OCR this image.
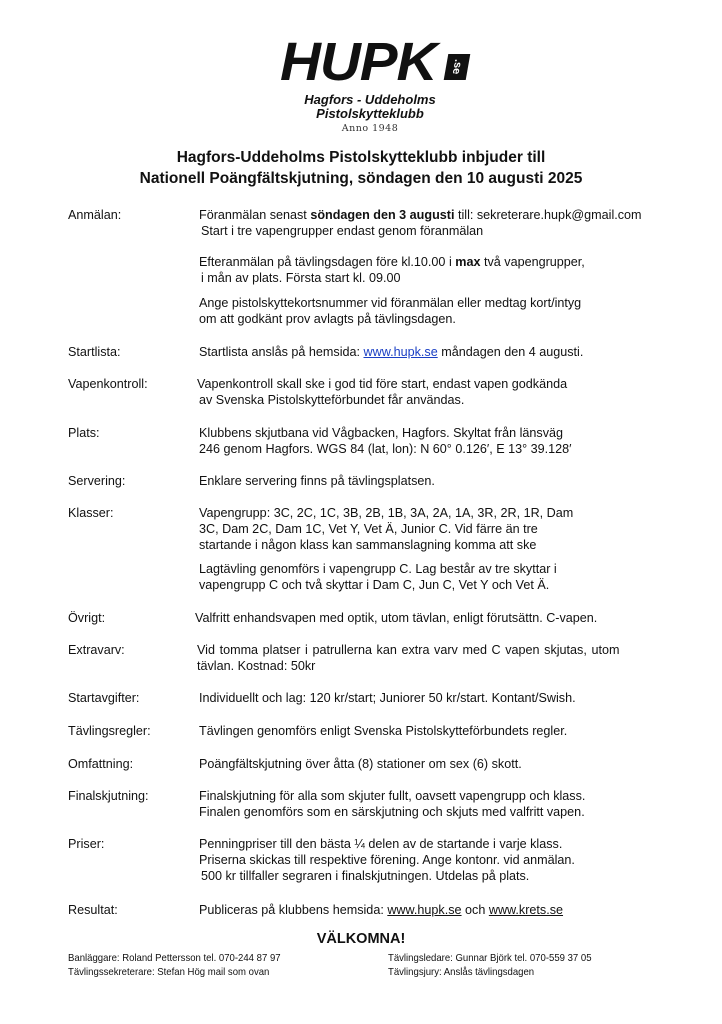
HUPK	.se
Hagfors - Uddeholms
Pistolskytteklubb
Anno 1948
Hagfors-Uddeholms Pistolskytteklubb inbjuder till
Nationell Poängfältskjutning, söndagen den 10 augusti 2025
Anmälan:	Föranmälan senast söndagen den 3 augusti till: sekreterare.hupk@gmail.com
Start i tre vapengrupper endast genom föranmälan
Efteranmälan på tävlingsdagen före kl.10.00 i max två vapengrupper,
i mån av plats. Första start kl. 09.00
Ange pistolskyttekortsnummer vid föranmälan eller medtag kort/intyg
om att godkänt prov avlagts på tävlingsdagen.
Startlista:	Startlista anslås på hemsida: www.hupk.se måndagen den 4 augusti.
Vapenkontroll:	Vapenkontroll skall ske i god tid före start, endast vapen godkända
av Svenska Pistolskytteförbundet får användas.
Plats:	Klubbens skjutbana vid Vågbacken, Hagfors. Skyltat från länsväg
246 genom Hagfors. WGS 84 (lat, lon): N 60° 0.126′, E 13° 39.128′
Servering:	Enklare servering finns på tävlingsplatsen.
Klasser:	Vapengrupp: 3C, 2C, 1C, 3B, 2B, 1B, 3A, 2A, 1A, 3R, 2R, 1R, Dam
3C, Dam 2C, Dam 1C, Vet Y, Vet Ä, Junior C. Vid färre än tre
startande i någon klass kan sammanslagning komma att ske
Lagtävling genomförs i vapengrupp C. Lag består av tre skyttar i
vapengrupp C och två skyttar i Dam C, Jun C, Vet Y och Vet Ä.
Övrigt:	Valfritt enhandsvapen med optik, utom tävlan, enligt förutsättn. C-vapen.
Extravarv:	Vid tomma platser i patrullerna kan extra varv med C vapen skjutas, utom
tävlan. Kostnad: 50kr
Startavgifter:	Individuellt och lag: 120 kr/start; Juniorer 50 kr/start. Kontant/Swish.
Tävlingsregler:	Tävlingen genomförs enligt Svenska Pistolskytteförbundets regler.
Omfattning:	Poängfältskjutning över åtta (8) stationer om sex (6) skott.
Finalskjutning:	Finalskjutning för alla som skjuter fullt, oavsett vapengrupp och klass.
Finalen genomförs som en särskjutning och skjuts med valfritt vapen.
Priser:	Penningpriser till den bästa ¼ delen av de startande i varje klass.
Priserna skickas till respektive förening. Ange kontonr. vid anmälan.
500 kr tillfaller segraren i finalskjutningen. Utdelas på plats.
Resultat:	Publiceras på klubbens hemsida: www.hupk.se och www.krets.se
VÄLKOMNA!
Banläggare: Roland Pettersson tel. 070-244 87 97	Tävlingsledare: Gunnar Björk tel. 070-559 37 05
Tävlingssekreterare: Stefan Hög mail som ovan	Tävlingsjury: Anslås tävlingsdagen
